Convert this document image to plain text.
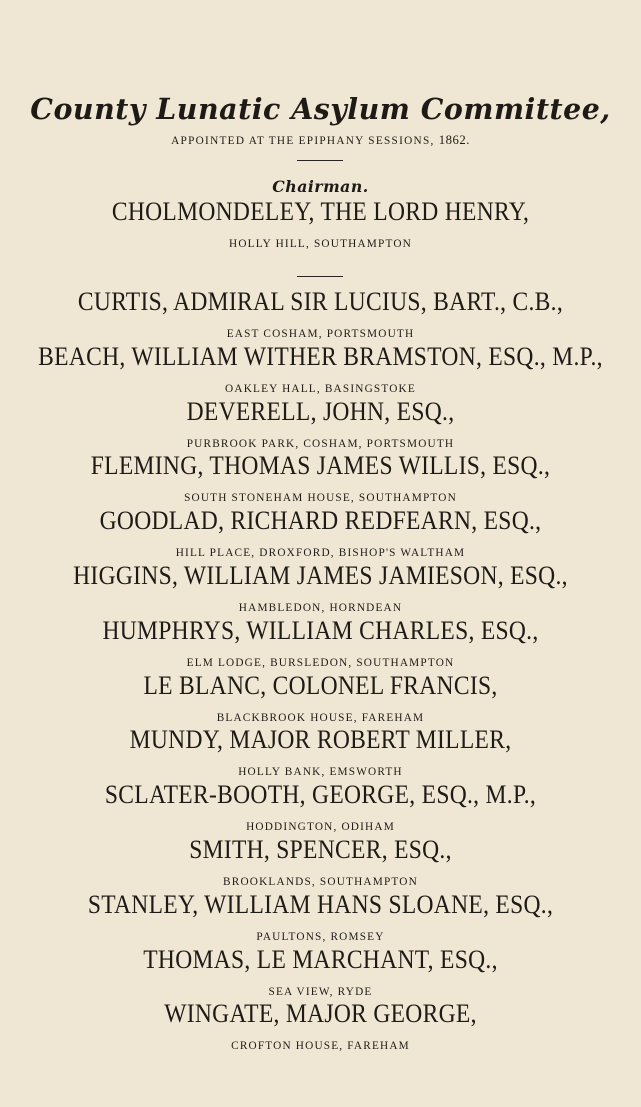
County Lunatic Asylum Committee,
APPOINTED AT THE EPIPHANY SESSIONS, 1862.
Chairman.
CHOLMONDELEY, THE LORD HENRY,
HOLLY HILL, SOUTHAMPTON
CURTIS, ADMIRAL SIR LUCIUS, BART., C.B.,
EAST COSHAM, PORTSMOUTH
BEACH, WILLIAM WITHER BRAMSTON, ESQ., M.P.,
OAKLEY HALL, BASINGSTOKE
DEVERELL, JOHN, ESQ.,
PURBROOK PARK, COSHAM, PORTSMOUTH
FLEMING, THOMAS JAMES WILLIS, ESQ.,
SOUTH STONEHAM HOUSE, SOUTHAMPTON
GOODLAD, RICHARD REDFEARN, ESQ.,
HILL PLACE, DROXFORD, BISHOP'S WALTHAM
HIGGINS, WILLIAM JAMES JAMIESON, ESQ.,
HAMBLEDON, HORNDEAN
HUMPHRYS, WILLIAM CHARLES, ESQ.,
ELM LODGE, BURSLEDON, SOUTHAMPTON
LE BLANC, COLONEL FRANCIS,
BLACKBROOK HOUSE, FAREHAM
MUNDY, MAJOR ROBERT MILLER,
HOLLY BANK, EMSWORTH
SCLATER-BOOTH, GEORGE, ESQ., M.P.,
HODDINGTON, ODIHAM
SMITH, SPENCER, ESQ.,
BROOKLANDS, SOUTHAMPTON
STANLEY, WILLIAM HANS SLOANE, ESQ.,
PAULTONS, ROMSEY
THOMAS, LE MARCHANT, ESQ.,
SEA VIEW, RYDE
WINGATE, MAJOR GEORGE,
CROFTON HOUSE, FAREHAM
